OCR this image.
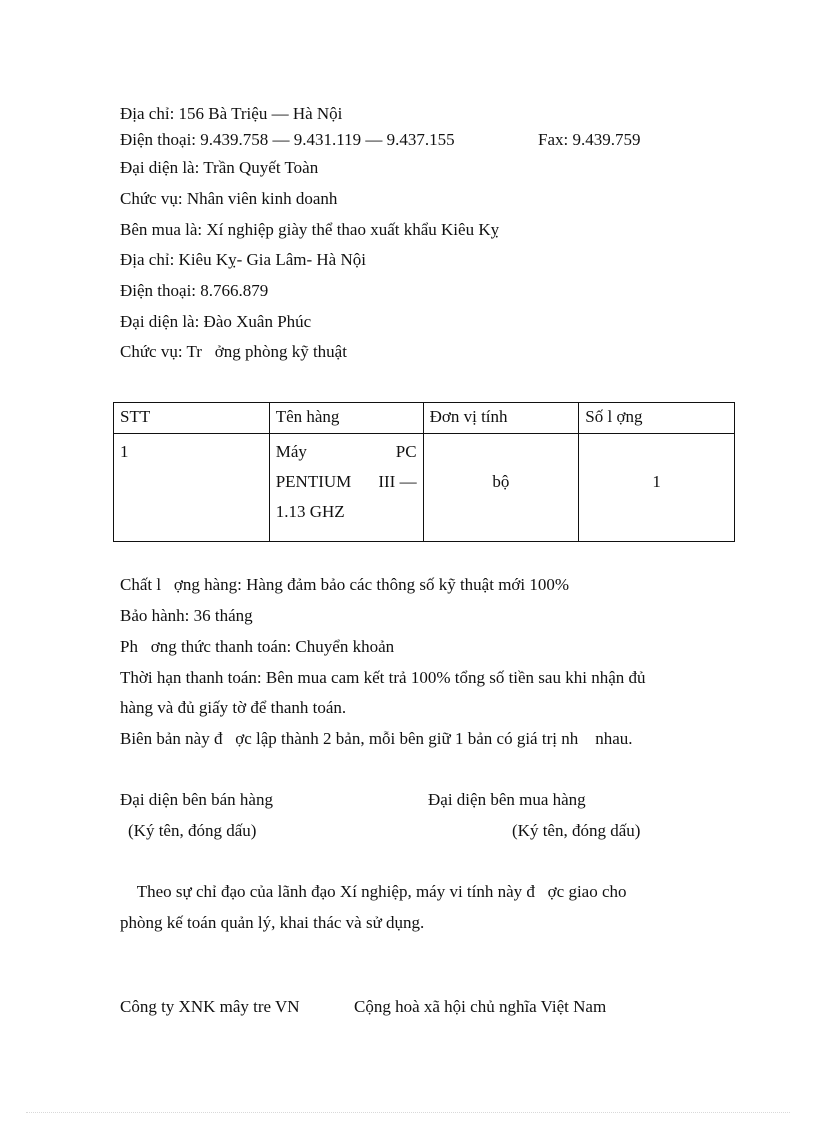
Địa chỉ: 156 Bà Triệu — Hà Nội
Điện thoại: 9.439.758 — 9.431.119 — 9.437.155	Fax: 9.439.759
Đại diện là: Trần Quyết Toàn
Chức vụ: Nhân viên kinh doanh
Bên mua là: Xí nghiệp giày thể thao xuất khẩu Kiêu Kỵ
Địa chỉ: Kiêu Kỵ- Gia Lâm- Hà Nội
Điện thoại: 8.766.879
Đại diện là: Đào Xuân Phúc
Chức vụ: Tr   ởng phòng kỹ thuật
STT	Tên hàng	Đơn vị tính	Số l ợng
1	Máy PC
PENTIUM III —
1.13 GHZ	bộ	1
Chất l   ợng hàng: Hàng đảm bảo các thông số kỹ thuật mới 100%
Bảo hành: 36 tháng
Ph   ơng thức thanh toán: Chuyển khoản
Thời hạn thanh toán: Bên mua cam kết trả 100% tổng số tiền sau khi nhận đủ
hàng và đủ giấy tờ để thanh toán.
Biên bản này đ   ợc lập thành 2 bản, mỗi bên giữ 1 bản có giá trị nh    nhau.
Đại diện bên bán hàng
(Ký tên, đóng dấu)
Đại diện bên mua hàng
(Ký tên, đóng dấu)
Theo sự chỉ đạo của lãnh đạo Xí nghiệp, máy vi tính này đ   ợc giao cho
phòng kế toán quản lý, khai thác và sử dụng.
Công ty XNK mây tre VN	Cộng hoà xã hội chủ nghĩa Việt Nam
